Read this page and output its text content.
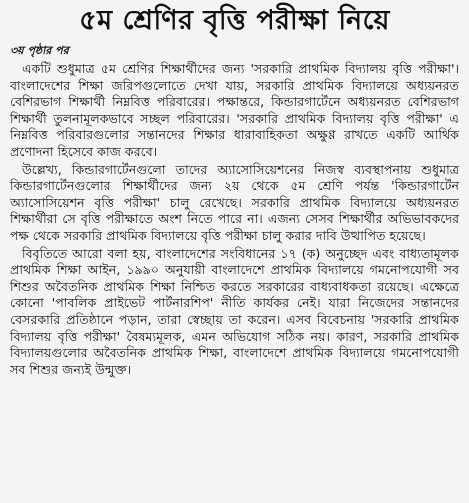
৫ম শ্রেণির বৃত্তি পরীক্ষা নিয়ে
৩য় পৃষ্ঠার পর

একটি শুধুমাত্র ৫ম শ্রেণির শিক্ষার্থীদের জন্য 'সরকারি প্রাথমিক বিদ্যালয় বৃত্তি পরীক্ষা'। বাংলাদেশের শিক্ষা জরিপগুলোতে দেখা যায়, সরকারি প্রাথমিক বিদ্যালয়ে অধ্যয়নরত বেশিরভাগ শিক্ষার্থী নিম্নবিত্ত পরিবারের। পক্ষান্তরে, কিন্ডারগার্টেনে অধ্যয়নরত বেশিরভাগ শিক্ষার্থী তুলনামূলকভাবে সচ্ছল পরিবারের। 'সরকারি প্রাথমিক বিদ্যালয় বৃত্তি পরীক্ষা' এ নিম্নবিত্ত পরিবারগুলোর সন্তানদের শিক্ষার ধারাবাহিকতা অক্ষুণ্ণ রাখতে একটি আর্থিক প্রণোদনা হিসেবে কাজ করবে।

উল্লেখ্য, কিন্ডারগার্টেনগুলো তাদের অ্যাসোসিয়েশনের নিজস্ব ব্যবস্থাপনায় শুধুমাত্র কিন্ডারগার্টেনগুলোর শিক্ষার্থীদের জন্য ২য় থেকে ৫ম শ্রেণি পর্যন্ত 'কিন্ডারগার্টেন অ্যাসোসিয়েশন বৃত্তি পরীক্ষা' চালু রেখেছে। সরকারি প্রাথমিক বিদ্যালয়ে অধ্যয়নরত শিক্ষার্থীরা সে বৃত্তি পরীক্ষাতে অংশ নিতে পারে না। এজন্য সেসব শিক্ষার্থীর অভিভাবকদের পক্ষ থেকে সরকারি প্রাথমিক বিদ্যালয়ে বৃত্তি পরীক্ষা চালু করার দাবি উত্থাপিত হয়েছে।

বিবৃতিতে আরো বলা হয়, বাংলাদেশের সংবিধানের ১৭ (ক) অনুচ্ছেদ এবং বাধ্যতামূলক প্রাথমিক শিক্ষা আইন, ১৯৯০ অনুযায়ী বাংলাদেশে প্রাথমিক বিদ্যালয়ে গমনোপযোগী সব শিশুর অবৈতনিক প্রাথমিক শিক্ষা নিশ্চিত করতে সরকারের বাধ্যবাধকতা রয়েছে। এক্ষেত্রে কোনো 'পাবলিক প্রাইভেট পার্টনারশিপ' নীতি কার্যকর নেই। যারা নিজেদের সন্তানদের বেসরকারি প্রতিষ্ঠানে পড়ান, তারা স্বেচ্ছায় তা করেন। এসব বিবেচনায় 'সরকারি প্রাথমিক বিদ্যালয় বৃত্তি পরীক্ষা' বৈষম্যমূলক, এমন অভিযোগ সঠিক নয়। কারণ, সরকারি প্রাথমিক বিদ্যালয়গুলোর অবৈতনিক প্রাথমিক শিক্ষা, বাংলাদেশে প্রাথমিক বিদ্যালয়ে গমনোপযোগী সব শিশুর জন্যই উন্মুক্ত।
